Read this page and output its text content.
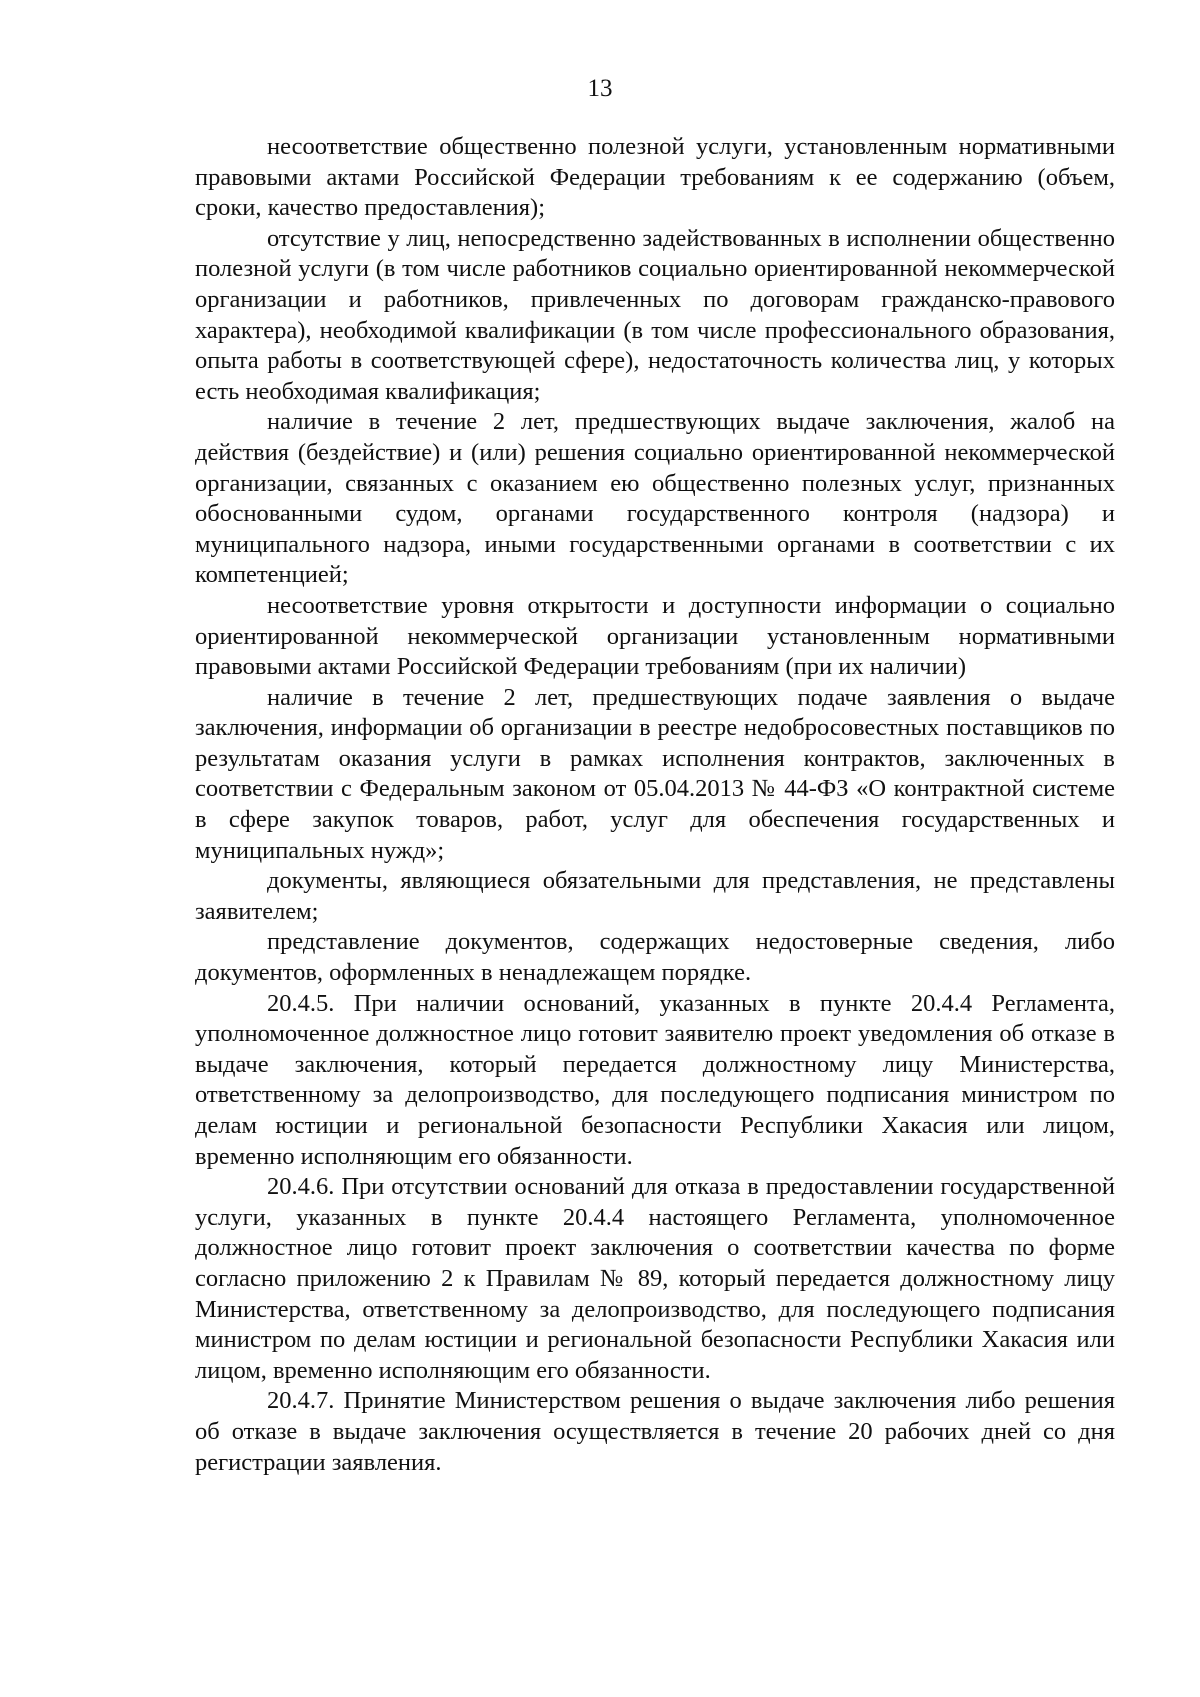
13

несоответствие общественно полезной услуги, установленным нормативными правовыми актами Российской Федерации требованиям к ее содержанию (объем, сроки, качество предоставления);

отсутствие у лиц, непосредственно задействованных в исполнении общественно полезной услуги (в том числе работников социально ориентированной некоммерческой организации и работников, привлеченных по договорам гражданско-правового характера), необходимой квалификации (в том числе профессионального образования, опыта работы в соответствующей сфере), недостаточность количества лиц, у которых есть необходимая квалификация;

наличие в течение 2 лет, предшествующих выдаче заключения, жалоб на действия (бездействие) и (или) решения социально ориентированной некоммерческой организации, связанных с оказанием ею общественно полезных услуг, признанных обоснованными судом, органами государственного контроля (надзора) и муниципального надзора, иными государственными органами в соответствии с их компетенцией;

несоответствие уровня открытости и доступности информации о социально ориентированной некоммерческой организации установленным нормативными правовыми актами Российской Федерации требованиям (при их наличии)

наличие в течение 2 лет, предшествующих подаче заявления о выдаче заключения, информации об организации в реестре недобросовестных поставщиков по результатам оказания услуги в рамках исполнения контрактов, заключенных в соответствии с Федеральным законом от 05.04.2013 № 44-ФЗ «О контрактной системе в сфере закупок товаров, работ, услуг для обеспечения государственных и муниципальных нужд»;

документы, являющиеся обязательными для представления, не представлены заявителем;

представление документов, содержащих недостоверные сведения, либо документов, оформленных в ненадлежащем порядке.

20.4.5. При наличии оснований, указанных в пункте 20.4.4 Регламента, уполномоченное должностное лицо готовит заявителю проект уведомления об отказе в выдаче заключения, который передается должностному лицу Министерства, ответственному за делопроизводство, для последующего подписания министром по делам юстиции и региональной безопасности Республики Хакасия или лицом, временно исполняющим его обязанности.

20.4.6. При отсутствии оснований для отказа в предоставлении государственной услуги, указанных в пункте 20.4.4 настоящего Регламента, уполномоченное должностное лицо готовит проект заключения о соответствии качества по форме согласно приложению 2 к Правилам № 89, который передается должностному лицу Министерства, ответственному за делопроизводство, для последующего подписания министром по делам юстиции и региональной безопасности Республики Хакасия или лицом, временно исполняющим его обязанности.

20.4.7. Принятие Министерством решения о выдаче заключения либо решения об отказе в выдаче заключения осуществляется в течение 20 рабочих дней со дня регистрации заявления.
